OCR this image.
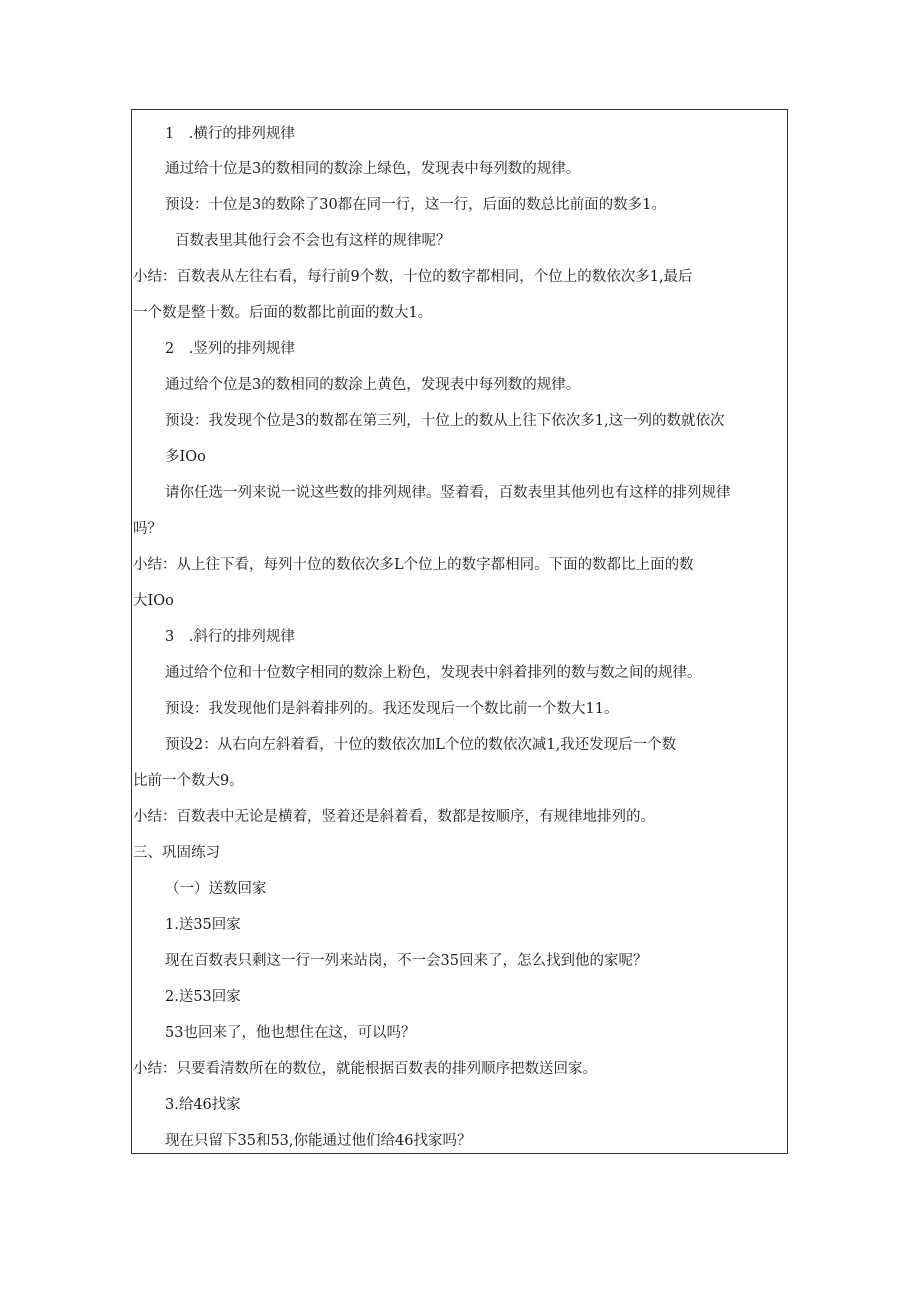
1　.横行的排列规律
通过给十位是3的数相同的数涂上绿色，发现表中每列数的规律。
预设：十位是3的数除了30都在同一行，这一行，后面的数总比前面的数多1。
百数表里其他行会不会也有这样的规律呢？
小结：百数表从左往右看，每行前9个数，十位的数字都相同，个位上的数依次多1,最后
一个数是整十数。后面的数都比前面的数大1。
2　.竖列的排列规律
通过给个位是3的数相同的数涂上黄色，发现表中每列数的规律。
预设：我发现个位是3的数都在第三列，十位上的数从上往下依次多1,这一列的数就依次
多IOo
请你任选一列来说一说这些数的排列规律。竖着看，百数表里其他列也有这样的排列规律
吗？
小结：从上往下看，每列十位的数依次多L个位上的数字都相同。下面的数都比上面的数
大IOo
3　.斜行的排列规律
通过给个位和十位数字相同的数涂上粉色，发现表中斜着排列的数与数之间的规律。
预设：我发现他们是斜着排列的。我还发现后一个数比前一个数大11。
预设2：从右向左斜着看，十位的数依次加L个位的数依次减1,我还发现后一个数
比前一个数大9。
小结：百数表中无论是横着，竖着还是斜着看，数都是按顺序，有规律地排列的。
三、巩固练习
（一）送数回家
1.送35回家
现在百数表只剩这一行一列来站岗，不一会35回来了，怎么找到他的家呢？
2.送53回家
53也回来了，他也想住在这，可以吗？
小结：只要看清数所在的数位，就能根据百数表的排列顺序把数送回家。
3.给46找家
现在只留下35和53,你能通过他们给46找家吗？
